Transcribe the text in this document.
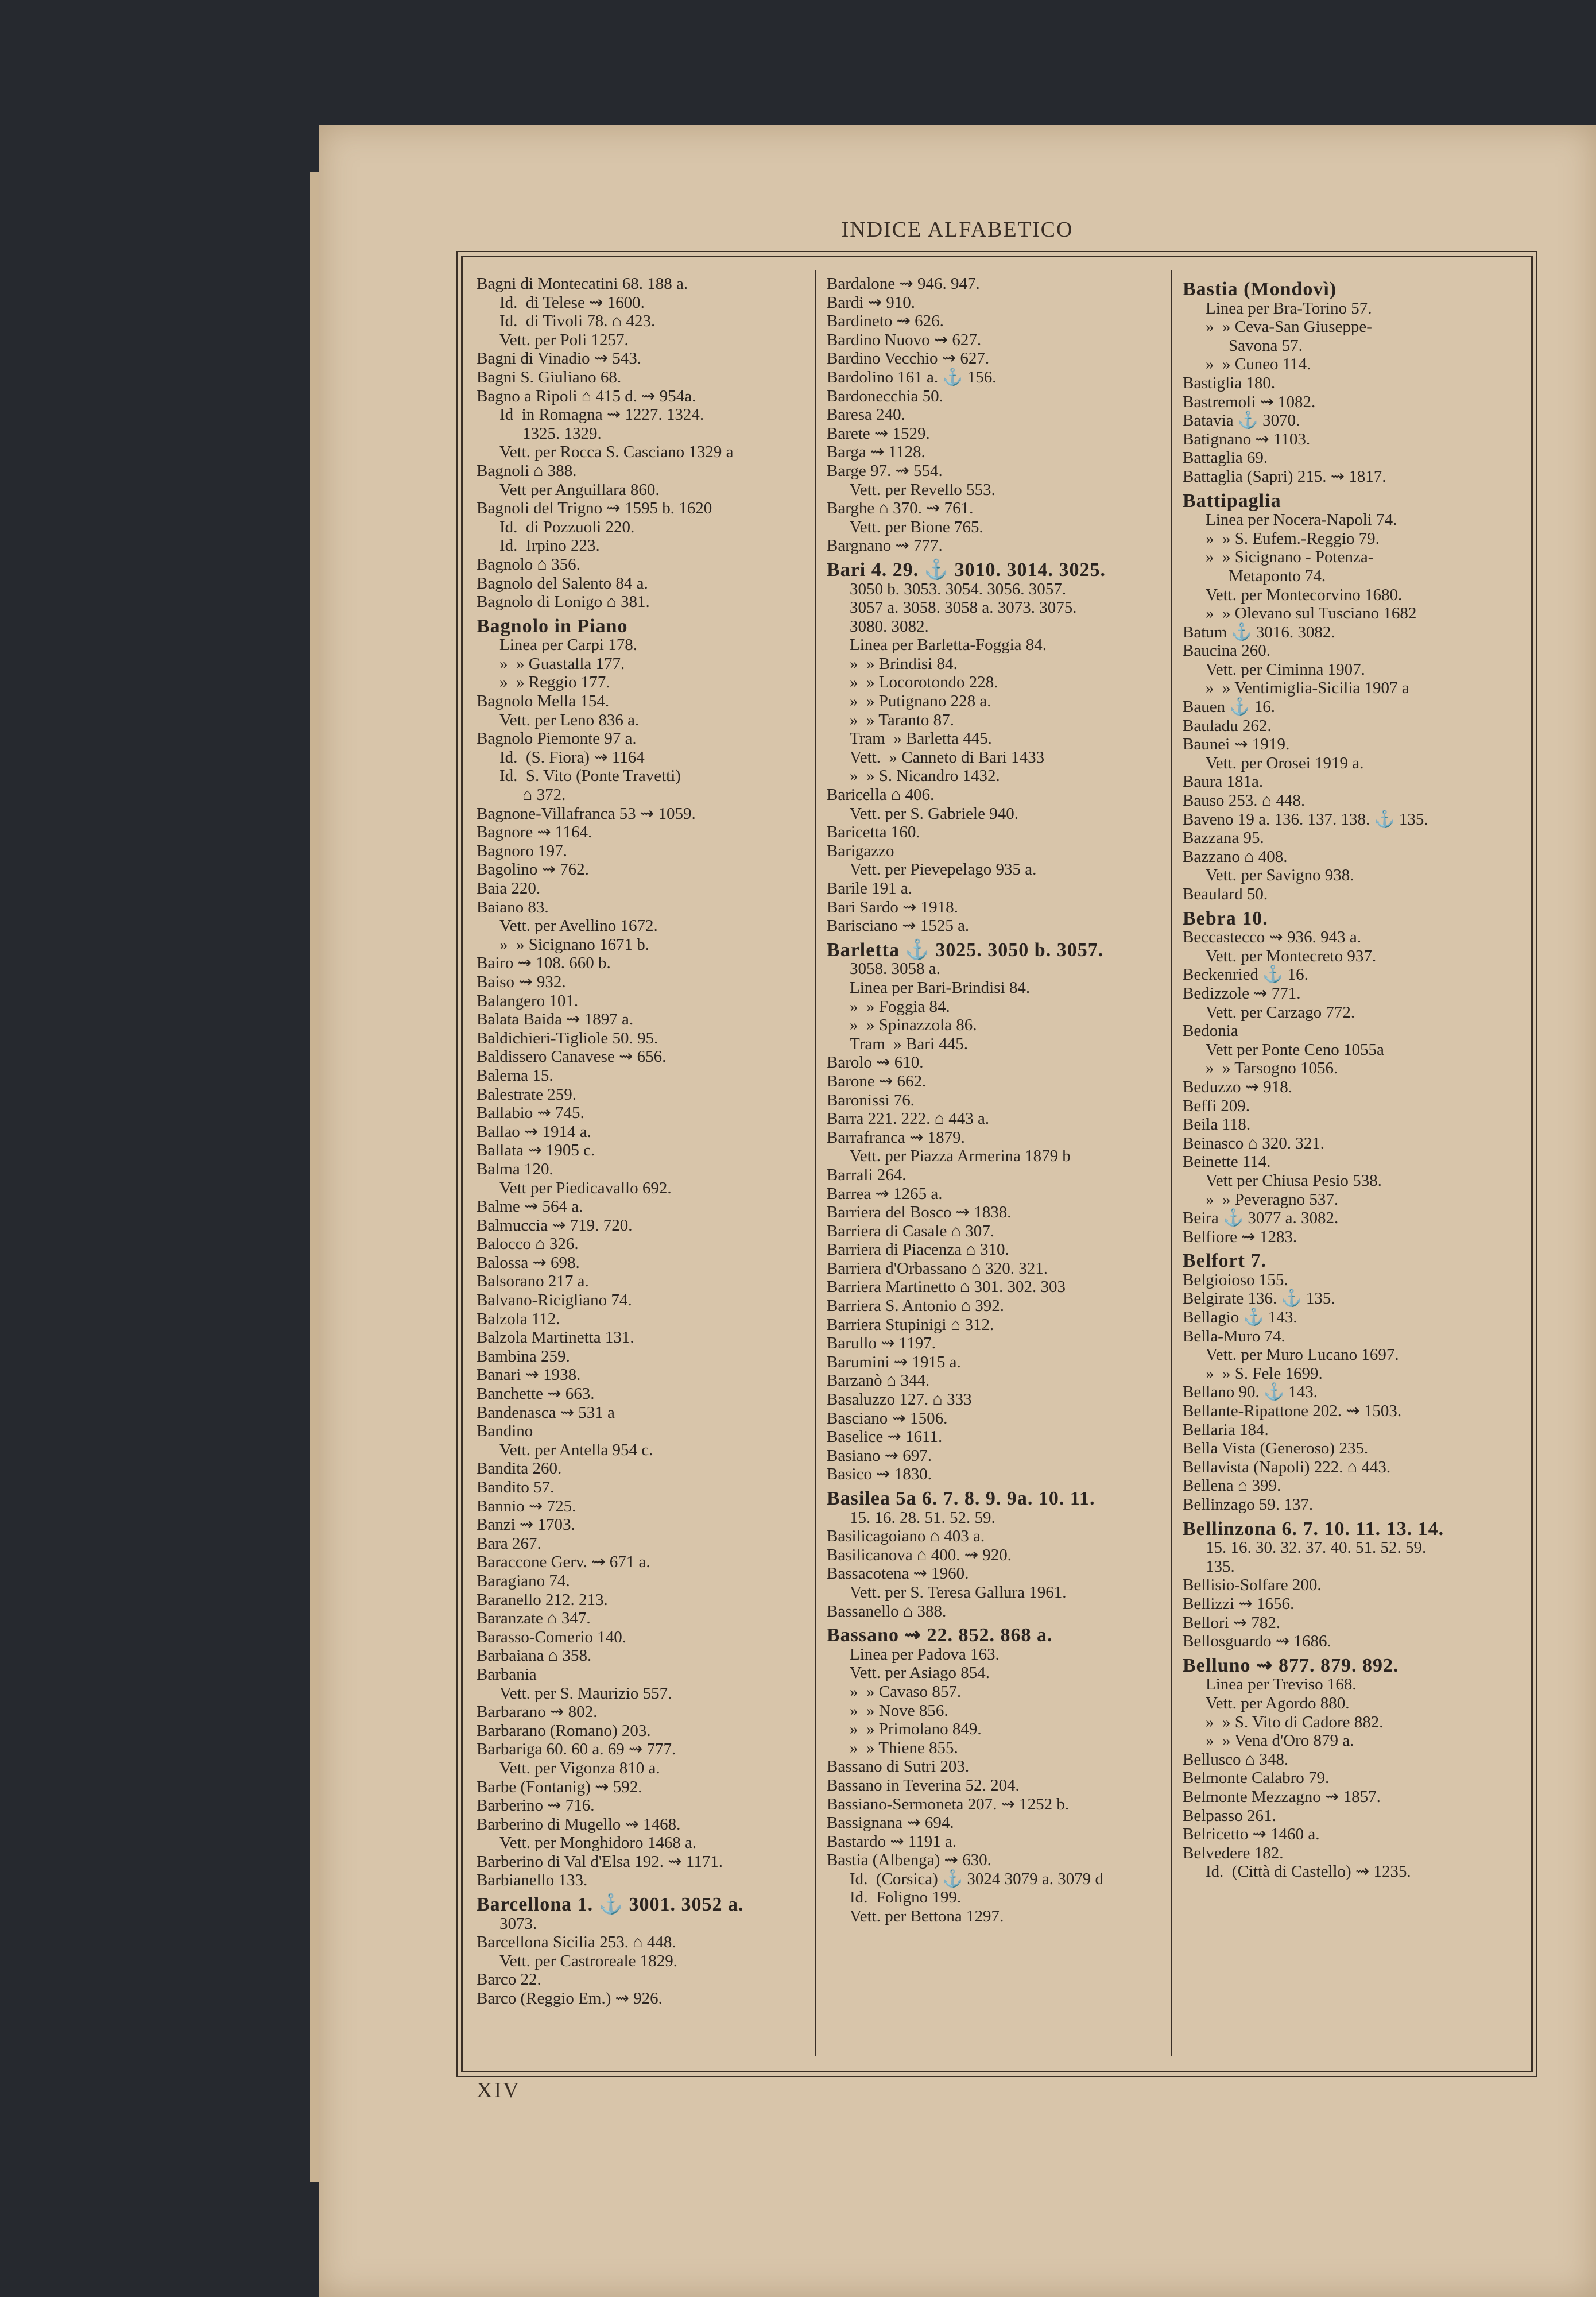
INDICE ALFABETICO
Bagni di Montecatini 68. 188 a.
Id.  di Telese ⇝ 1600.
Id.  di Tivoli 78. ⌂ 423.
Vett. per Poli 1257.
Bagni di Vinadio ⇝ 543.
Bagni S. Giuliano 68.
Bagno a Ripoli ⌂ 415 d. ⇝ 954a.
Id  in Romagna ⇝ 1227. 1324.
1325. 1329.
Vett. per Rocca S. Casciano 1329 a
Bagnoli ⌂ 388.
Vett per Anguillara 860.
Bagnoli del Trigno ⇝ 1595 b. 1620
Id.  di Pozzuoli 220.
Id.  Irpino 223.
Bagnolo ⌂ 356.
Bagnolo del Salento 84 a.
Bagnolo di Lonigo ⌂ 381.
Bagnolo in Piano
Linea per Carpi 178.
»  » Guastalla 177.
»  » Reggio 177.
Bagnolo Mella 154.
Vett. per Leno 836 a.
Bagnolo Piemonte 97 a.
Id.  (S. Fiora) ⇝ 1164
Id.  S. Vito (Ponte Travetti)
⌂ 372.
Bagnone-Villafranca 53 ⇝ 1059.
Bagnore ⇝ 1164.
Bagnoro 197.
Bagolino ⇝ 762.
Baia 220.
Baiano 83.
Vett. per Avellino 1672.
»  » Sicignano 1671 b.
Bairo ⇝ 108. 660 b.
Baiso ⇝ 932.
Balangero 101.
Balata Baida ⇝ 1897 a.
Baldichieri-Tigliole 50. 95.
Baldissero Canavese ⇝ 656.
Balerna 15.
Balestrate 259.
Ballabio ⇝ 745.
Ballao ⇝ 1914 a.
Ballata ⇝ 1905 c.
Balma 120.
Vett per Piedicavallo 692.
Balme ⇝ 564 a.
Balmuccia ⇝ 719. 720.
Balocco ⌂ 326.
Balossa ⇝ 698.
Balsorano 217 a.
Balvano-Ricigliano 74.
Balzola 112.
Balzola Martinetta 131.
Bambina 259.
Banari ⇝ 1938.
Banchette ⇝ 663.
Bandenasca ⇝ 531 a
Bandino
Vett. per Antella 954 c.
Bandita 260.
Bandito 57.
Bannio ⇝ 725.
Banzi ⇝ 1703.
Bara 267.
Baraccone Gerv. ⇝ 671 a.
Baragiano 74.
Baranello 212. 213.
Baranzate ⌂ 347.
Barasso-Comerio 140.
Barbaiana ⌂ 358.
Barbania
Vett. per S. Maurizio 557.
Barbarano ⇝ 802.
Barbarano (Romano) 203.
Barbariga 60. 60 a. 69 ⇝ 777.
Vett. per Vigonza 810 a.
Barbe (Fontanig) ⇝ 592.
Barberino ⇝ 716.
Barberino di Mugello ⇝ 1468.
Vett. per Monghidoro 1468 a.
Barberino di Val d'Elsa 192. ⇝ 1171.
Barbianello 133.
Barcellona 1. ⚓ 3001. 3052 a.
3073.
Barcellona Sicilia 253. ⌂ 448.
Vett. per Castroreale 1829.
Barco 22.
Barco (Reggio Em.) ⇝ 926.
Bardalone ⇝ 946. 947.
Bardi ⇝ 910.
Bardineto ⇝ 626.
Bardino Nuovo ⇝ 627.
Bardino Vecchio ⇝ 627.
Bardolino 161 a. ⚓ 156.
Bardonecchia 50.
Baresa 240.
Barete ⇝ 1529.
Barga ⇝ 1128.
Barge 97. ⇝ 554.
Vett. per Revello 553.
Barghe ⌂ 370. ⇝ 761.
Vett. per Bione 765.
Bargnano ⇝ 777.
Bari 4. 29. ⚓ 3010. 3014. 3025.
3050 b. 3053. 3054. 3056. 3057.
3057 a. 3058. 3058 a. 3073. 3075.
3080. 3082.
Linea per Barletta-Foggia 84.
»  » Brindisi 84.
»  » Locorotondo 228.
»  » Putignano 228 a.
»  » Taranto 87.
Tram  » Barletta 445.
Vett.  » Canneto di Bari 1433
»  » S. Nicandro 1432.
Baricella ⌂ 406.
Vett. per S. Gabriele 940.
Baricetta 160.
Barigazzo
Vett. per Pievepelago 935 a.
Barile 191 a.
Bari Sardo ⇝ 1918.
Barisciano ⇝ 1525 a.
Barletta ⚓ 3025. 3050 b. 3057.
3058. 3058 a.
Linea per Bari-Brindisi 84.
»  » Foggia 84.
»  » Spinazzola 86.
Tram  » Bari 445.
Barolo ⇝ 610.
Barone ⇝ 662.
Baronissi 76.
Barra 221. 222. ⌂ 443 a.
Barrafranca ⇝ 1879.
Vett. per Piazza Armerina 1879 b
Barrali 264.
Barrea ⇝ 1265 a.
Barriera del Bosco ⇝ 1838.
Barriera di Casale ⌂ 307.
Barriera di Piacenza ⌂ 310.
Barriera d'Orbassano ⌂ 320. 321.
Barriera Martinetto ⌂ 301. 302. 303
Barriera S. Antonio ⌂ 392.
Barriera Stupinigi ⌂ 312.
Barullo ⇝ 1197.
Barumini ⇝ 1915 a.
Barzanò ⌂ 344.
Basaluzzo 127. ⌂ 333
Basciano ⇝ 1506.
Baselice ⇝ 1611.
Basiano ⇝ 697.
Basico ⇝ 1830.
Basilea 5a 6. 7. 8. 9. 9a. 10. 11.
15. 16. 28. 51. 52. 59.
Basilicagoiano ⌂ 403 a.
Basilicanova ⌂ 400. ⇝ 920.
Bassacotena ⇝ 1960.
Vett. per S. Teresa Gallura 1961.
Bassanello ⌂ 388.
Bassano ⇝ 22. 852. 868 a.
Linea per Padova 163.
Vett. per Asiago 854.
»  » Cavaso 857.
»  » Nove 856.
»  » Primolano 849.
»  » Thiene 855.
Bassano di Sutri 203.
Bassano in Teverina 52. 204.
Bassiano-Sermoneta 207. ⇝ 1252 b.
Bassignana ⇝ 694.
Bastardo ⇝ 1191 a.
Bastia (Albenga) ⇝ 630.
Id.  (Corsica) ⚓ 3024 3079 a. 3079 d
Id.  Foligno 199.
Vett. per Bettona 1297.
Bastia (Mondovì)
Linea per Bra-Torino 57.
»  » Ceva-San Giuseppe-
Savona 57.
»  » Cuneo 114.
Bastiglia 180.
Bastremoli ⇝ 1082.
Batavia ⚓ 3070.
Batignano ⇝ 1103.
Battaglia 69.
Battaglia (Sapri) 215. ⇝ 1817.
Battipaglia
Linea per Nocera-Napoli 74.
»  » S. Eufem.-Reggio 79.
»  » Sicignano - Potenza-
Metaponto 74.
Vett. per Montecorvino 1680.
»  » Olevano sul Tusciano 1682
Batum ⚓ 3016. 3082.
Baucina 260.
Vett. per Ciminna 1907.
»  » Ventimiglia-Sicilia 1907 a
Bauen ⚓ 16.
Bauladu 262.
Baunei ⇝ 1919.
Vett. per Orosei 1919 a.
Baura 181a.
Bauso 253. ⌂ 448.
Baveno 19 a. 136. 137. 138. ⚓ 135.
Bazzana 95.
Bazzano ⌂ 408.
Vett. per Savigno 938.
Beaulard 50.
Bebra 10.
Beccastecco ⇝ 936. 943 a.
Vett. per Montecreto 937.
Beckenried ⚓ 16.
Bedizzole ⇝ 771.
Vett. per Carzago 772.
Bedonia
Vett per Ponte Ceno 1055a
»  » Tarsogno 1056.
Beduzzo ⇝ 918.
Beffi 209.
Beila 118.
Beinasco ⌂ 320. 321.
Beinette 114.
Vett per Chiusa Pesio 538.
»  » Peveragno 537.
Beira ⚓ 3077 a. 3082.
Belfiore ⇝ 1283.
Belfort 7.
Belgioioso 155.
Belgirate 136. ⚓ 135.
Bellagio ⚓ 143.
Bella-Muro 74.
Vett. per Muro Lucano 1697.
»  » S. Fele 1699.
Bellano 90. ⚓ 143.
Bellante-Ripattone 202. ⇝ 1503.
Bellaria 184.
Bella Vista (Generoso) 235.
Bellavista (Napoli) 222. ⌂ 443.
Bellena ⌂ 399.
Bellinzago 59. 137.
Bellinzona 6. 7. 10. 11. 13. 14.
15. 16. 30. 32. 37. 40. 51. 52. 59.
135.
Bellisio-Solfare 200.
Bellizzi ⇝ 1656.
Bellori ⇝ 782.
Bellosguardo ⇝ 1686.
Belluno ⇝ 877. 879. 892.
Linea per Treviso 168.
Vett. per Agordo 880.
»  » S. Vito di Cadore 882.
»  » Vena d'Oro 879 a.
Bellusco ⌂ 348.
Belmonte Calabro 79.
Belmonte Mezzagno ⇝ 1857.
Belpasso 261.
Belricetto ⇝ 1460 a.
Belvedere 182.
Id.  (Città di Castello) ⇝ 1235.
XIV
